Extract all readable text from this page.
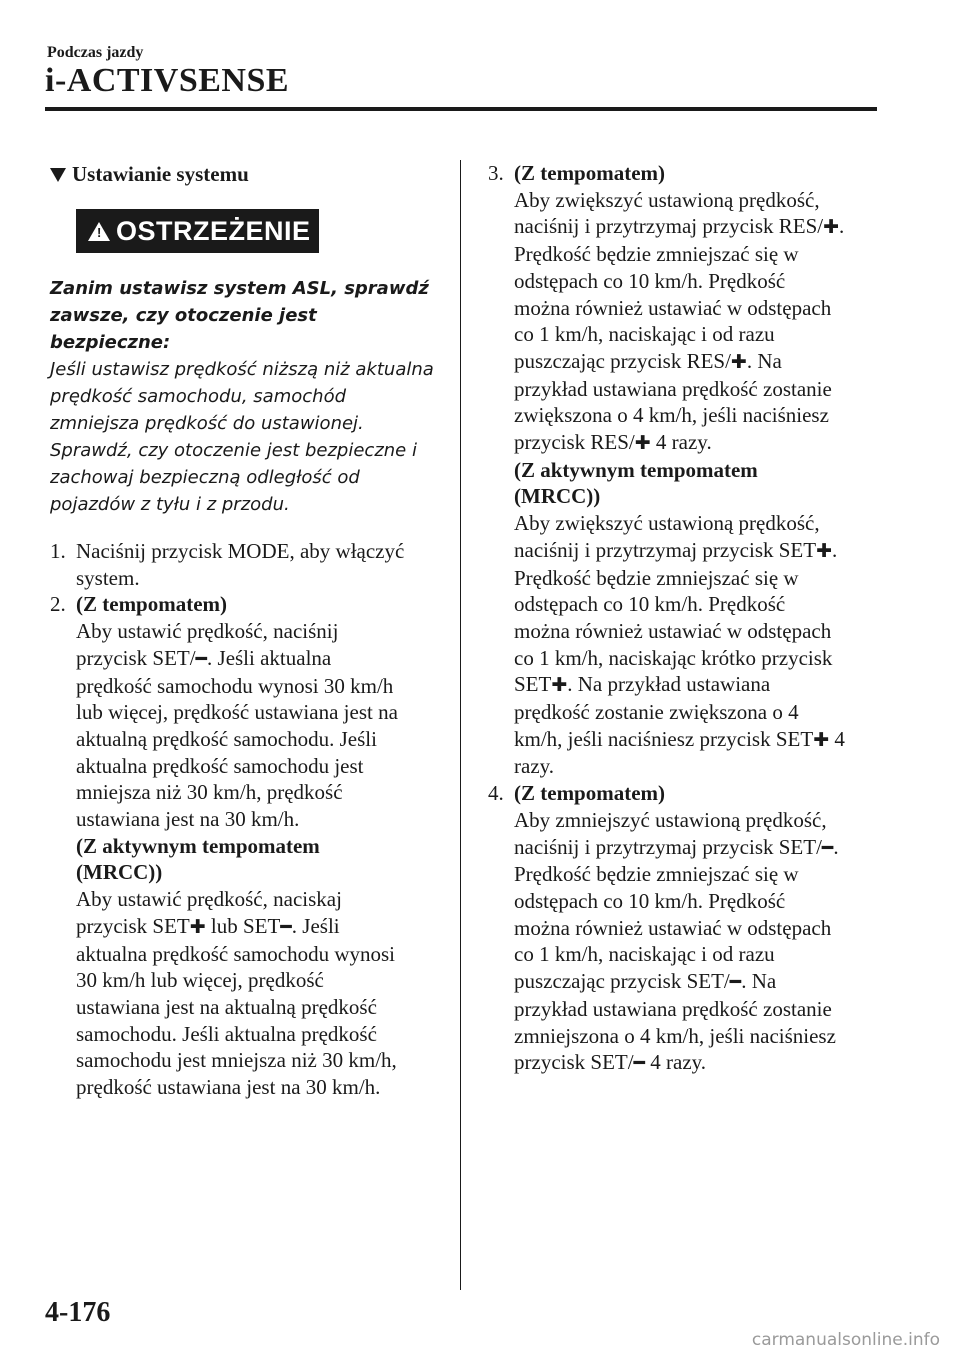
Podczas jazdy
i-ACTIVSENSE
Ustawianie systemu
! OSTRZEŻENIE
Zanim ustawisz system ASL, sprawdź
zawsze, czy otoczenie jest bezpieczne:
Jeśli ustawisz prędkość niższą niż aktualna
prędkość samochodu, samochód
zmniejsza prędkość do ustawionej.
Sprawdź, czy otoczenie jest bezpieczne i
zachowaj bezpieczną odległość od
pojazdów z tyłu i z przodu.
1. Naciśnij przycisk MODE, aby włączyć
system.
2. (Z tempomatem)
Aby ustawić prędkość, naciśnij
przycisk SET/━. Jeśli aktualna
prędkość samochodu wynosi 30 km/h
lub więcej, prędkość ustawiana jest na
aktualną prędkość samochodu. Jeśli
aktualna prędkość samochodu jest
mniejsza niż 30 km/h, prędkość
ustawiana jest na 30 km/h.
(Z aktywnym tempomatem
(MRCC))
Aby ustawić prędkość, naciskaj
przycisk SET✚ lub SET━. Jeśli
aktualna prędkość samochodu wynosi
30 km/h lub więcej, prędkość
ustawiana jest na aktualną prędkość
samochodu. Jeśli aktualna prędkość
samochodu jest mniejsza niż 30 km/h,
prędkość ustawiana jest na 30 km/h.
3. (Z tempomatem)
Aby zwiększyć ustawioną prędkość,
naciśnij i przytrzymaj przycisk RES/✚.
Prędkość będzie zmniejszać się w
odstępach co 10 km/h. Prędkość
można również ustawiać w odstępach
co 1 km/h, naciskając i od razu
puszczając przycisk RES/✚. Na
przykład ustawiana prędkość zostanie
zwiększona o 4 km/h, jeśli naciśniesz
przycisk RES/✚ 4 razy.
(Z aktywnym tempomatem
(MRCC))
Aby zwiększyć ustawioną prędkość,
naciśnij i przytrzymaj przycisk SET✚.
Prędkość będzie zmniejszać się w
odstępach co 10 km/h. Prędkość
można również ustawiać w odstępach
co 1 km/h, naciskając krótko przycisk
SET✚. Na przykład ustawiana
prędkość zostanie zwiększona o 4
km/h, jeśli naciśniesz przycisk SET✚ 4
razy.
4. (Z tempomatem)
Aby zmniejszyć ustawioną prędkość,
naciśnij i przytrzymaj przycisk SET/━.
Prędkość będzie zmniejszać się w
odstępach co 10 km/h. Prędkość
można również ustawiać w odstępach
co 1 km/h, naciskając i od razu
puszczając przycisk SET/━. Na
przykład ustawiana prędkość zostanie
zmniejszona o 4 km/h, jeśli naciśniesz
przycisk SET/━ 4 razy.
4-176
carmanualsonline.info
